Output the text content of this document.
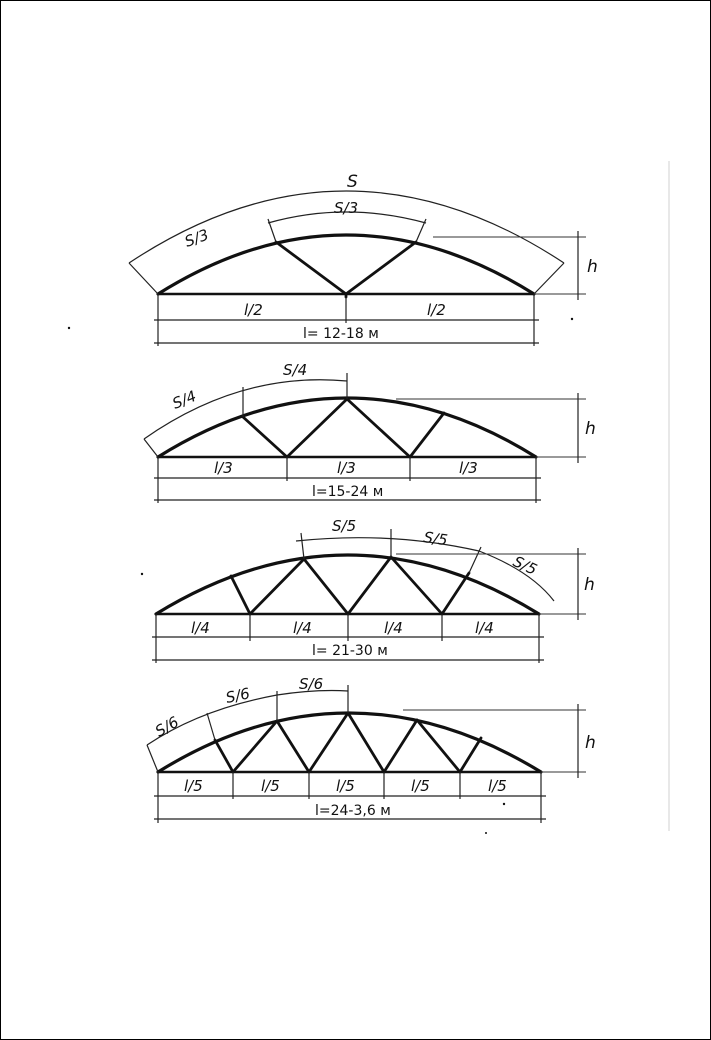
S
S/3
S/3
h
l/2	l/2
l= 12-18 м
S/4
S/4
h
l/3	l/3	l/3
l=15-24 м
S/5
S/5
S/5
h
l/4	l/4	l/4	l/4
l= 21-30 м
S/6
S/6
S/6
h
l/5	l/5	l/5	l/5	l/5
l=24-3,6 м
